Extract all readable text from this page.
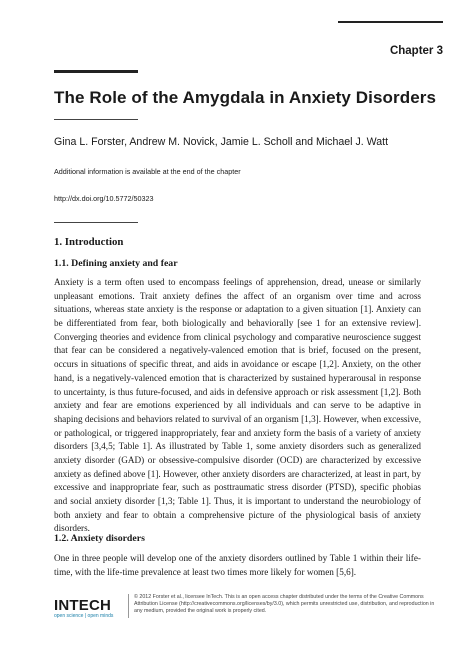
Chapter 3
The Role of the Amygdala in Anxiety Disorders
Gina L. Forster, Andrew M. Novick, Jamie L. Scholl and Michael J. Watt
Additional information is available at the end of the chapter
http://dx.doi.org/10.5772/50323
1. Introduction
1.1. Defining anxiety and fear
Anxiety is a term often used to encompass feelings of apprehension, dread, unease or similarly unpleasant emotions. Trait anxiety defines the affect of an organism over time and across situations, whereas state anxiety is the response or adaptation to a given situation [1]. Anxiety can be differentiated from fear, both biologically and behaviorally [see 1 for an extensive review]. Converging theories and evidence from clinical psychology and comparative neuroscience suggest that fear can be considered a negatively-valenced emotion that is brief, focused on the present, occurs in situations of specific threat, and aids in avoidance or escape [1,2]. Anxiety, on the other hand, is a negatively-valenced emotion that is characterized by sustained hyperarousal in response to uncertainty, is thus future-focused, and aids in defensive approach or risk assessment [1,2]. Both anxiety and fear are emotions experienced by all individuals and can serve to be adaptive in shaping decisions and behaviors related to survival of an organism [1,3]. However, when excessive, or pathological, or triggered inappropriately, fear and anxiety form the basis of a variety of anxiety disorders [3,4,5; Table 1]. As illustrated by Table 1, some anxiety disorders such as generalized anxiety disorder (GAD) or obsessive-compulsive disorder (OCD) are characterized by excessive anxiety as defined above [1]. However, other anxiety disorders are characterized, at least in part, by excessive and inappropriate fear, such as posttraumatic stress disorder (PTSD), specific phobias and social anxiety disorder [1,3; Table 1]. Thus, it is important to understand the neurobiology of both anxiety and fear to obtain a comprehensive picture of the physiological basis of anxiety disorders.
1.2. Anxiety disorders
One in three people will develop one of the anxiety disorders outlined by Table 1 within their life-time, with the life-time prevalence at least two times more likely for women [5,6].
INTECH
open science | open minds
© 2012 Forster et al., licensee InTech. This is an open access chapter distributed under the terms of the Creative Commons Attribution License (http://creativecommons.org/licenses/by/3.0), which permits unrestricted use, distribution, and reproduction in any medium, provided the original work is properly cited.
